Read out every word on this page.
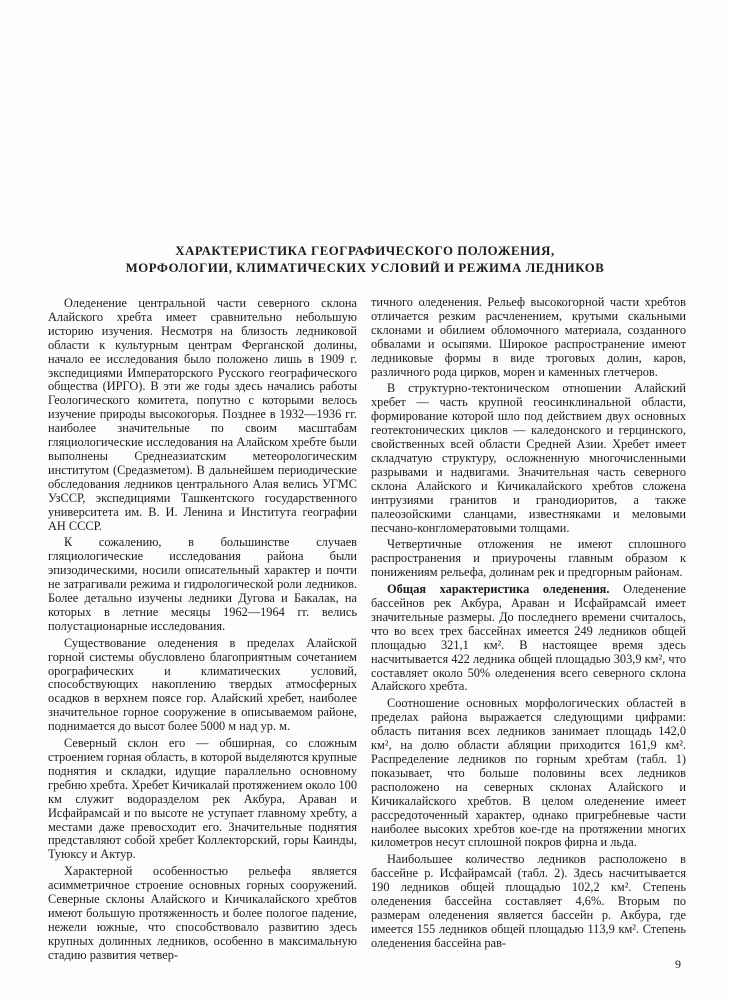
ХАРАКТЕРИСТИКА ГЕОГРАФИЧЕСКОГО ПОЛОЖЕНИЯ,
МОРФОЛОГИИ, КЛИМАТИЧЕСКИХ УСЛОВИЙ И РЕЖИМА ЛЕДНИКОВ

Оледенение центральной части северного склона Алайского хребта имеет сравнительно небольшую историю изучения. Несмотря на близость ледниковой области к культурным центрам Ферганской долины, начало ее исследования было положено лишь в 1909 г. экспедициями Императорского Русского географического общества (ИРГО). В эти же годы здесь начались работы Геологического комитета, попутно с которыми велось изучение природы высокогорья. Позднее в 1932—1936 гг. наиболее значительные по своим масштабам гляциологические исследования на Алайском хребте были выполнены Среднеазиатским метеорологическим институтом (Средазметом). В дальнейшем периодические обследования ледников центрального Алая велись УГМС УзССР, экспедициями Ташкентского государственного университета им. В. И. Ленина и Института географии АН СССР.

К сожалению, в большинстве случаев гляциологические исследования района были эпизодическими, носили описательный характер и почти не затрагивали режима и гидрологической роли ледников. Более детально изучены ледники Дугова и Бакалак, на которых в летние месяцы 1962—1964 гг. велись полустационарные исследования.

Существование оледенения в пределах Алайской горной системы обусловлено благоприятным сочетанием орографических и климатических условий, способствующих накоплению твердых атмосферных осадков в верхнем поясе гор. Алайский хребет, наиболее значительное горное сооружение в описываемом районе, поднимается до высот более 5000 м над ур. м.

Северный склон его — обширная, со сложным строением горная область, в которой выделяются крупные поднятия и складки, идущие параллельно основному гребню хребта. Хребет Кичикалай протяжением около 100 км служит водоразделом рек Акбура, Араван и Исфайрамсай и по высоте не уступает главному хребту, а местами даже превосходит его. Значительные поднятия представляют собой хребет Коллекторский, горы Каинды, Туюксу и Актур.

Характерной особенностью рельефа является асимметричное строение основных горных сооружений. Северные склоны Алайского и Кичикалайского хребтов имеют большую протяженность и более пологое падение, нежели южные, что способствовало развитию здесь крупных долинных ледников, особенно в максимальную стадию развития четвер-

тичного оледенения. Рельеф высокогорной части хребтов отличается резким расчленением, крутыми скальными склонами и обилием обломочного материала, созданного обвалами и осыпями. Широкое распространение имеют ледниковые формы в виде троговых долин, каров, различного рода цирков, морен и каменных глетчеров.

В структурно-тектоническом отношении Алайский хребет — часть крупной геосинклинальной области, формирование которой шло под действием двух основных геотектонических циклов — каледонского и герцинского, свойственных всей области Средней Азии. Хребет имеет складчатую структуру, осложненную многочисленными разрывами и надвигами. Значительная часть северного склона Алайского и Кичикалайского хребтов сложена интрузиями гранитов и гранодиоритов, а также палеозойскими сланцами, известняками и меловыми песчано-конгломератовыми толщами.

Четвертичные отложения не имеют сплошного распространения и приурочены главным образом к понижениям рельефа, долинам рек и предгорным районам.

Общая характеристика оледенения. Оледенение бассейнов рек Акбура, Араван и Исфайрамсай имеет значительные размеры. До последнего времени считалось, что во всех трех бассейнах имеется 249 ледников общей площадью 321,1 км². В настоящее время здесь насчитывается 422 ледника общей площадью 303,9 км², что составляет около 50% оледенения всего северного склона Алайского хребта.

Соотношение основных морфологических областей в пределах района выражается следующими цифрами: область питания всех ледников занимает площадь 142,0 км², на долю области абляции приходится 161,9 км². Распределение ледников по горным хребтам (табл. 1) показывает, что больше половины всех ледников расположено на северных склонах Алайского и Кичикалайского хребтов. В целом оледенение имеет рассредоточенный характер, однако пригребневые части наиболее высоких хребтов кое-где на протяжении многих километров несут сплошной покров фирна и льда.

Наибольшее количество ледников расположено в бассейне р. Исфайрамсай (табл. 2). Здесь насчитывается 190 ледников общей площадью 102,2 км². Степень оледенения бассейна составляет 4,6%. Вторым по размерам оледенения является бассейн р. Акбура, где имеется 155 ледников общей площадью 113,9 км². Степень оледенения бассейна рав-

9
